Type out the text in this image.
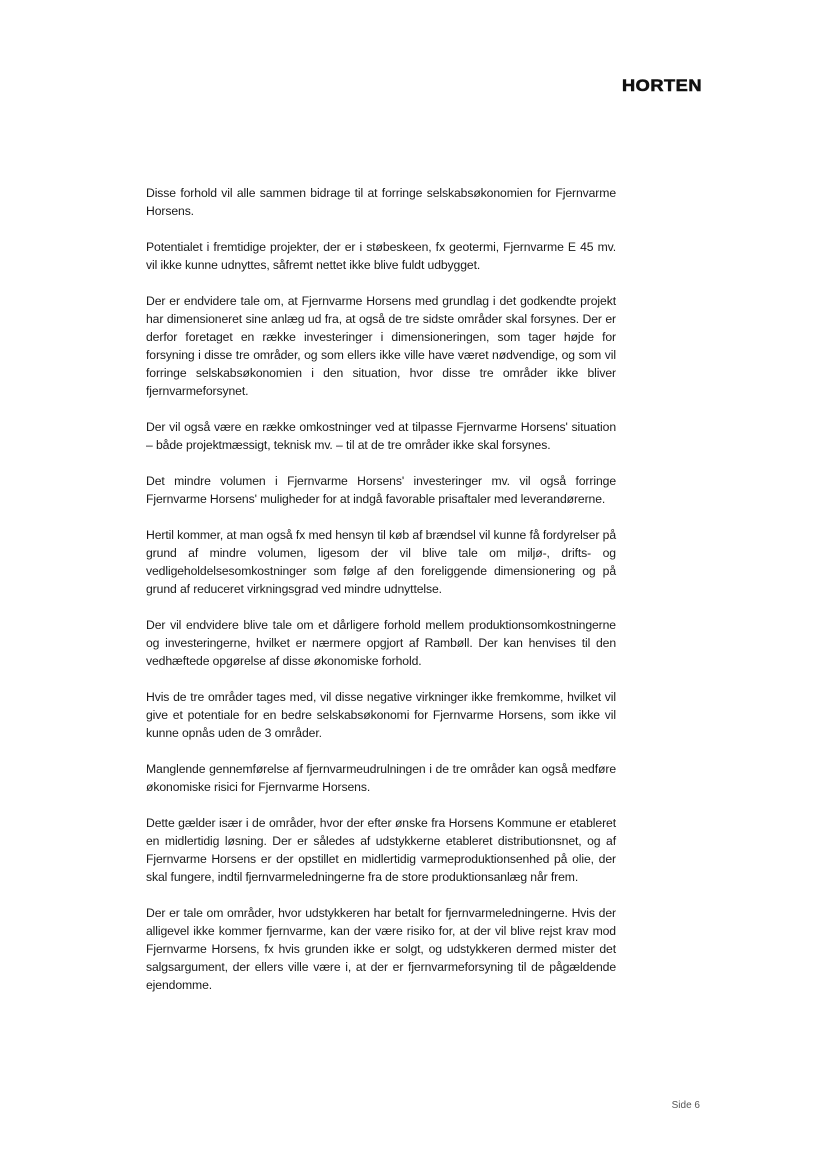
HORTEN

Disse forhold vil alle sammen bidrage til at forringe selskabsøkonomien for Fjernvarme Horsens.

Potentialet i fremtidige projekter, der er i støbeskeen, fx geotermi, Fjernvarme E 45 mv. vil ikke kunne udnyttes, såfremt nettet ikke blive fuldt udbygget.

Der er endvidere tale om, at Fjernvarme Horsens med grundlag i det godkendte projekt har dimensioneret sine anlæg ud fra, at også de tre sidste områder skal forsynes. Der er derfor foretaget en række investeringer i dimensioneringen, som tager højde for forsyning i disse tre områder, og som ellers ikke ville have været nødvendige, og som vil forringe selskabsøkonomien i den situation, hvor disse tre områder ikke bliver fjernvarmeforsynet.

Der vil også være en række omkostninger ved at tilpasse Fjernvarme Horsens' situation – både projektmæssigt, teknisk mv. – til at de tre områder ikke skal forsynes.

Det mindre volumen i Fjernvarme Horsens' investeringer mv. vil også forringe Fjernvarme Horsens' muligheder for at indgå favorable prisaftaler med leverandørerne.

Hertil kommer, at man også fx med hensyn til køb af brændsel vil kunne få fordyrelser på grund af mindre volumen, ligesom der vil blive tale om miljø-, drifts- og vedligeholdelsesomkostninger som følge af den foreliggende dimensionering og på grund af reduceret virkningsgrad ved mindre udnyttelse.

Der vil endvidere blive tale om et dårligere forhold mellem produktionsomkostningerne og investeringerne, hvilket er nærmere opgjort af Rambøll. Der kan henvises til den vedhæftede opgørelse af disse økonomiske forhold.

Hvis de tre områder tages med, vil disse negative virkninger ikke fremkomme, hvilket vil give et potentiale for en bedre selskabsøkonomi for Fjernvarme Horsens, som ikke vil kunne opnås uden de 3 områder.

Manglende gennemførelse af fjernvarmeudrulningen i de tre områder kan også medføre økonomiske risici for Fjernvarme Horsens.

Dette gælder især i de områder, hvor der efter ønske fra Horsens Kommune er etableret en midlertidig løsning. Der er således af udstykkerne etableret distributionsnet, og af Fjernvarme Horsens er der opstillet en midlertidig varmeproduktionsenhed på olie, der skal fungere, indtil fjernvarmeledningerne fra de store produktionsanlæg når frem.

Der er tale om områder, hvor udstykkeren har betalt for fjernvarmeledningerne. Hvis der alligevel ikke kommer fjernvarme, kan der være risiko for, at der vil blive rejst krav mod Fjernvarme Horsens, fx hvis grunden ikke er solgt, og udstykkeren dermed mister det salgsargument, der ellers ville være i, at der er fjernvarmeforsyning til de pågældende ejendomme.

Side 6
